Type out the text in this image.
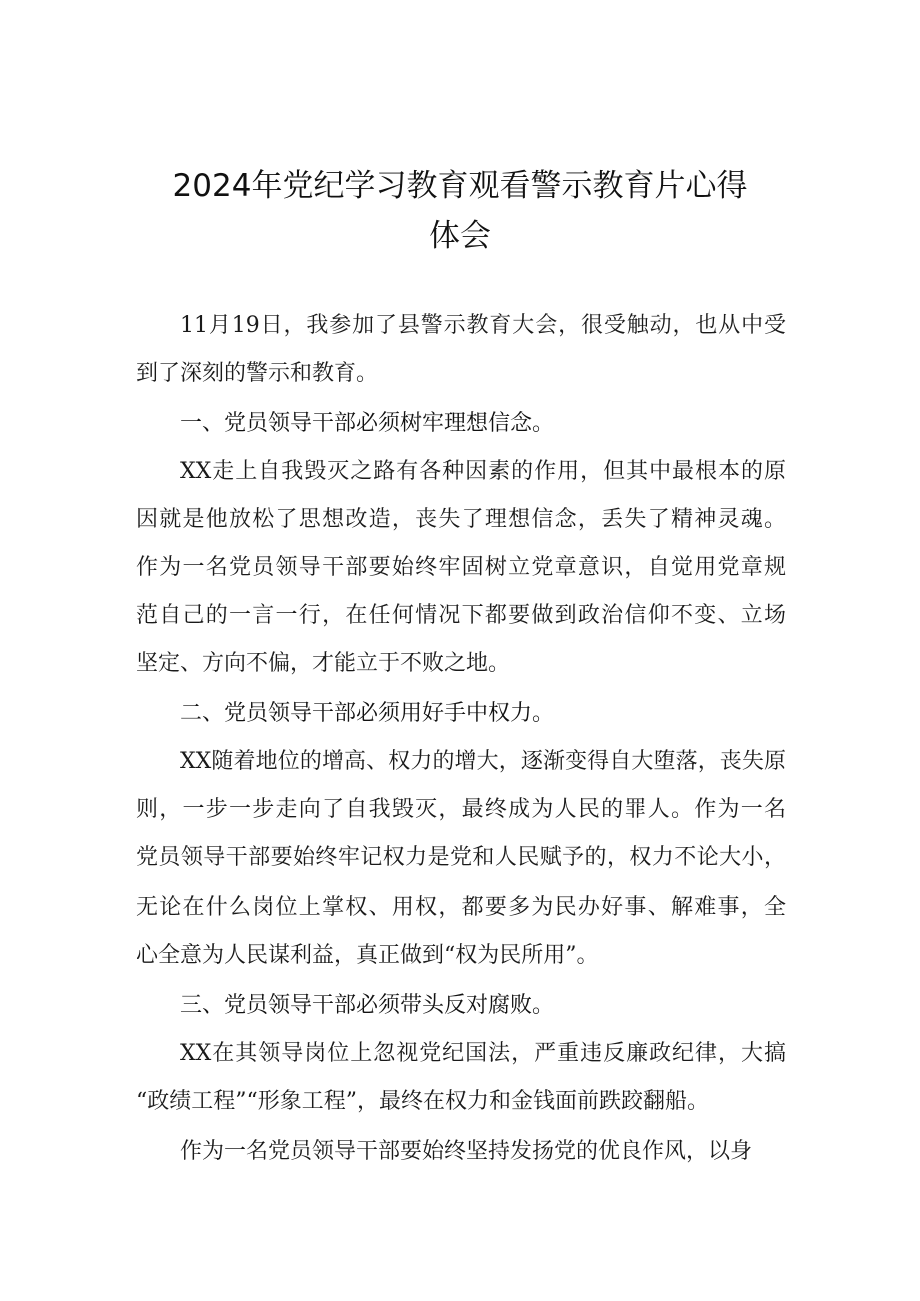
2024年党纪学习教育观看警示教育片心得
体会

11月19日，我参加了县警示教育大会，很受触动，也从中受

到了深刻的警示和教育。

一、党员领导干部必须树牢理想信念。

XX走上自我毁灭之路有各种因素的作用，但其中最根本的原

因就是他放松了思想改造，丧失了理想信念，丢失了精神灵魂。

作为一名党员领导干部要始终牢固树立党章意识，自觉用党章规

范自己的一言一行，在任何情况下都要做到政治信仰不变、立场

坚定、方向不偏，才能立于不败之地。

二、党员领导干部必须用好手中权力。

XX随着地位的增高、权力的增大，逐渐变得自大堕落，丧失原

则，一步一步走向了自我毁灭，最终成为人民的罪人。作为一名

党员领导干部要始终牢记权力是党和人民赋予的，权力不论大小，

无论在什么岗位上掌权、用权，都要多为民办好事、解难事，全

心全意为人民谋利益，真正做到“权为民所用”。

三、党员领导干部必须带头反对腐败。

XX在其领导岗位上忽视党纪国法，严重违反廉政纪律，大搞

“政绩工程”“形象工程”，最终在权力和金钱面前跌跤翻船。

作为一名党员领导干部要始终坚持发扬党的优良作风，以身
